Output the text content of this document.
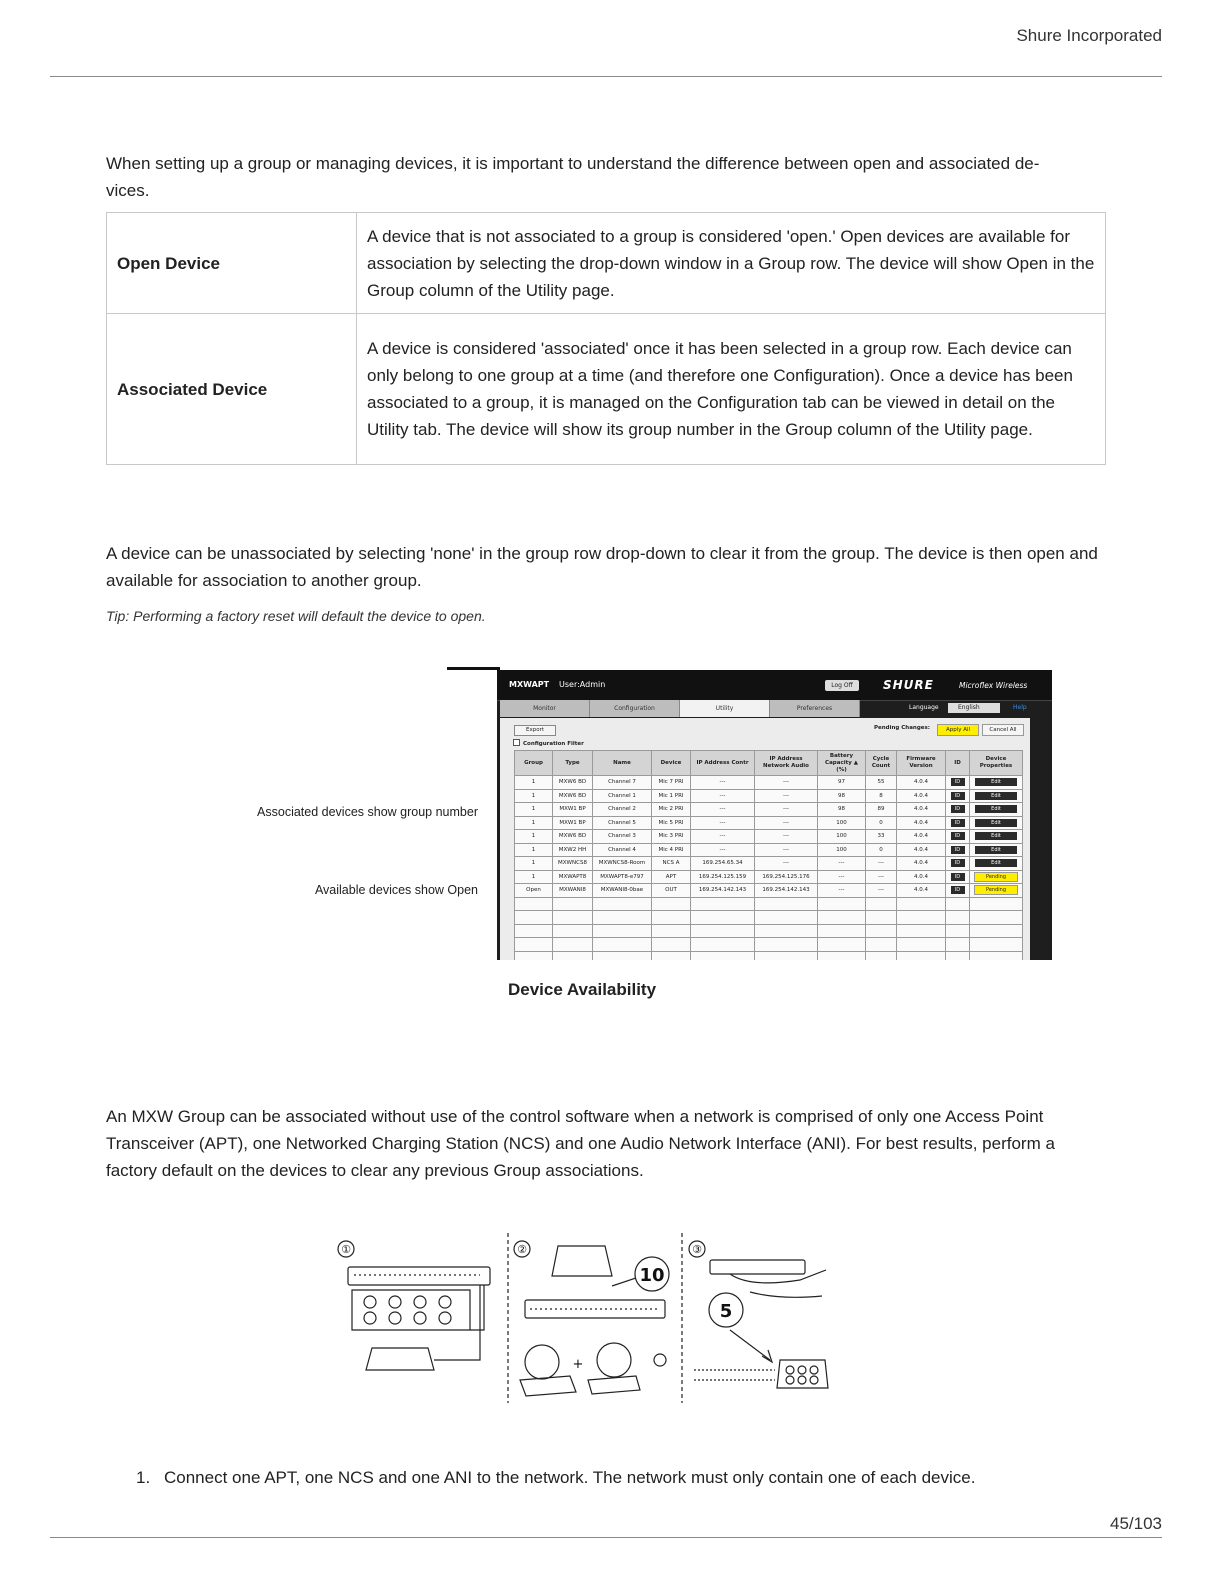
Shure Incorporated
When setting up a group or managing devices, it is important to understand the difference between open and associated de-
vices.
Open Device	A device that is not associated to a group is considered 'open.' Open devices are available for association by selecting the drop-down window in a Group row. The device will show Open in the Group column of the Utility page.
Associated Device	A device is considered 'associated' once it has been selected in a group row. Each device can only belong to one group at a time (and therefore one Configuration). Once a device has been associated to a group, it is managed on the Configuration tab can be viewed in detail on the Utility tab. The device will show its group number in the Group column of the Utility page.
A device can be unassociated by selecting 'none' in the group row drop-down to clear it from the group. The device is then open and available for association to another group.
Tip: Performing a factory reset will default the device to open.
Associated devices show group number
Available devices show Open
MXWAPT User:Admin	Log Off	SHURE	Microflex Wireless
Monitor	Configuration	Utility	Preferences	Language	English	Help
Export	Pending Changes:	Apply All	Cancel All
Configuration Filter
Group	Type	Name	Device	IP Address Contr	IP Address Network Audio	Battery Capacity ▲ (%)	Cycle Count	Firmware Version	ID	Device Properties
1	MXW6 BD	Channel 7	Mic 7 PRI	---	---	97	55	4.0.4	ID	Edit
1	MXW6 BD	Channel 1	Mic 1 PRI	---	---	98	8	4.0.4	ID	Edit
1	MXW1 BP	Channel 2	Mic 2 PRI	---	---	98	89	4.0.4	ID	Edit
1	MXW1 BP	Channel 5	Mic 5 PRI	---	---	100	0	4.0.4	ID	Edit
1	MXW6 BD	Channel 3	Mic 3 PRI	---	---	100	33	4.0.4	ID	Edit
1	MXW2 HH	Channel 4	Mic 4 PRI	---	---	100	0	4.0.4	ID	Edit
1	MXWNCS8	MXWNCS8-Room	NCS A	169.254.65.34	---	---	---	4.0.4	ID	Edit
1	MXWAPT8	MXWAPT8-e797	APT	169.254.125.159	169.254.125.176	---	---	4.0.4	ID	Pending
Open	MXWANI8	MXWANI8-0bae	OUT	169.254.142.143	169.254.142.143	---	---	4.0.4	ID	Pending

Device Availability
An MXW Group can be associated without use of the control software when a network is comprised of only one Access Point Transceiver (APT), one Networked Charging Station (NCS) and one Audio Network Interface (ANI). For best results, perform a factory default on the devices to clear any previous Group associations.
①	②	③
10
5
+
1. Connect one APT, one NCS and one ANI to the network. The network must only contain one of each device.
45/103
